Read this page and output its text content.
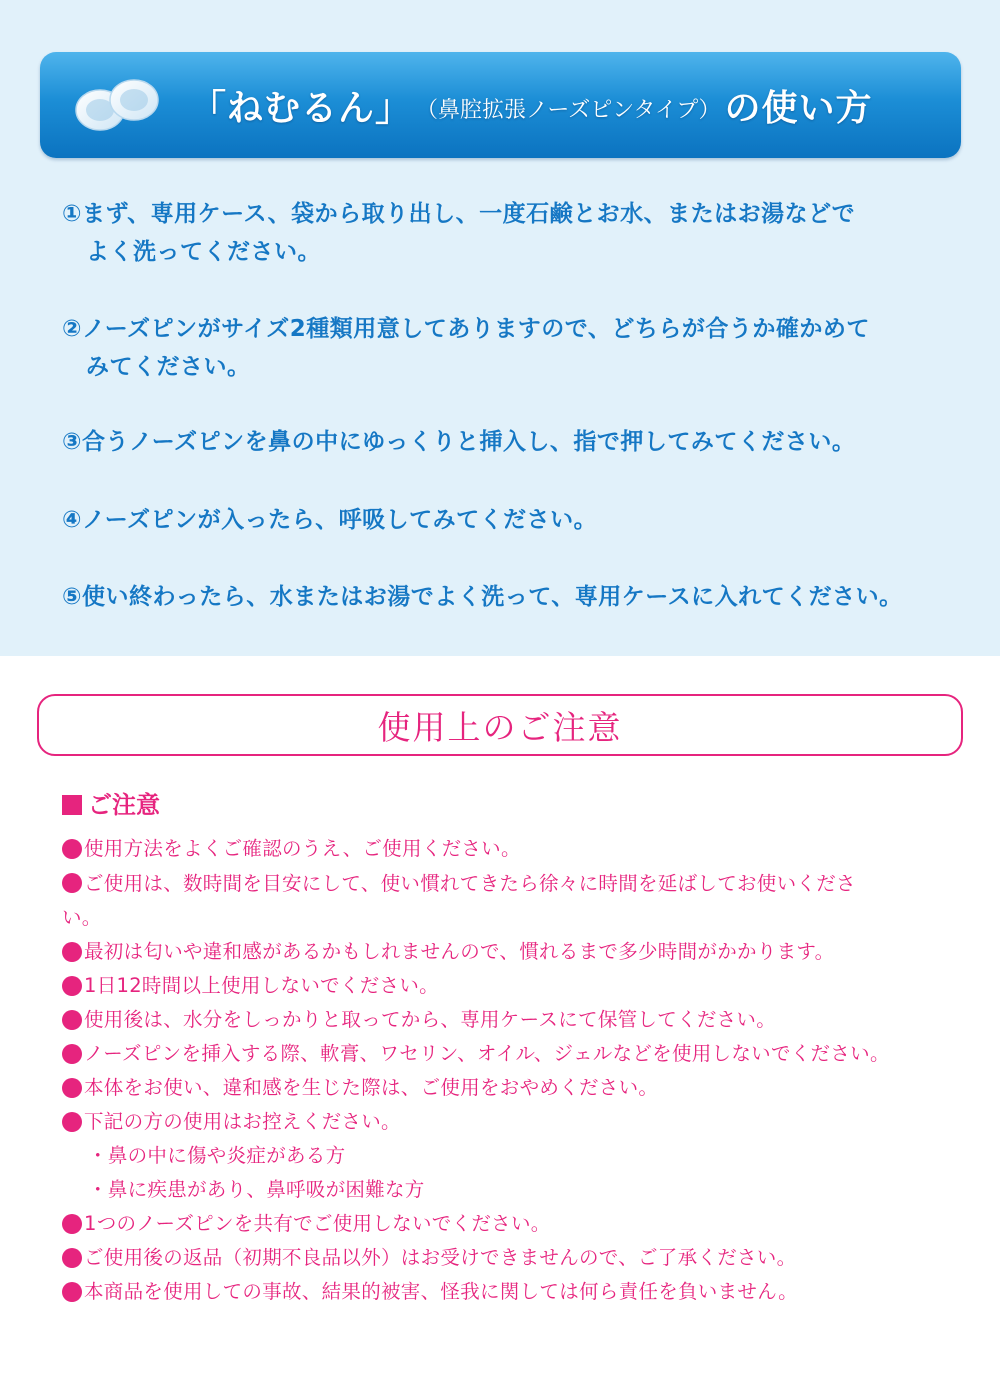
「ねむるん」 （鼻腔拡張ノーズピンタイプ） の使い方
①まず、専用ケース、袋から取り出し、一度石鹸とお水、またはお湯などで
よく洗ってください。
②ノーズピンがサイズ2種類用意してありますので、どちらが合うか確かめて
みてください。
③合うノーズピンを鼻の中にゆっくりと挿入し、指で押してみてください。
④ノーズピンが入ったら、呼吸してみてください。
⑤使い終わったら、水またはお湯でよく洗って、専用ケースに入れてください。
使用上のご注意
ご注意
使用方法をよくご確認のうえ、ご使用ください。
ご使用は、数時間を目安にして、使い慣れてきたら徐々に時間を延ばしてお使いくださ
い。
最初は匂いや違和感があるかもしれませんので、慣れるまで多少時間がかかります。
1日12時間以上使用しないでください。
使用後は、水分をしっかりと取ってから、専用ケースにて保管してください。
ノーズピンを挿入する際、軟膏、ワセリン、オイル、ジェルなどを使用しないでください。
本体をお使い、違和感を生じた際は、ご使用をおやめください。
下記の方の使用はお控えください。
・鼻の中に傷や炎症がある方
・鼻に疾患があり、鼻呼吸が困難な方
1つのノーズピンを共有でご使用しないでください。
ご使用後の返品（初期不良品以外）はお受けできませんので、ご了承ください。
本商品を使用しての事故、結果的被害、怪我に関しては何ら責任を負いません。
